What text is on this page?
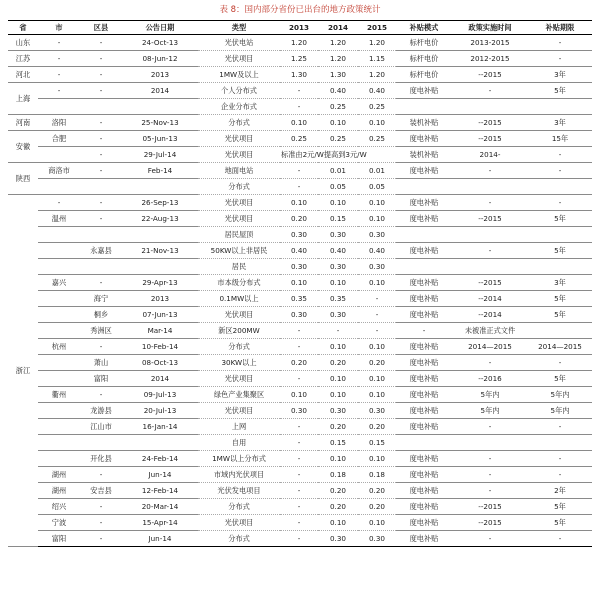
表 8：国内部分省份已出台的地方政策统计
省	市	区县	公告日期	类型	2013	2014	2015	补贴模式	政策实施时间	补贴期限
山东	-	-	24-Oct-13	光伏电站	1.20	1.20	1.20	标杆电价	2013-2015	-
江苏	-	-	08-Jun-12	光伏项目	1.25	1.20	1.15	标杆电价	2012-2015	-
河北	-	-	2013	1MW及以上	1.30	1.30	1.20	标杆电价	--2015	3年
上海	-	-	2014	个人分布式	-	0.40	0.40	度电补贴	-	5年
				企业分布式	-	0.25	0.25			
河南	洛阳	-	25-Nov-13	分布式	0.10	0.10	0.10	装机补贴	--2015	3年
安徽	合肥	-	05-Jun-13	光伏项目	0.25	0.25	0.25	度电补贴	--2015	15年
		-	29-Jul-14	光伏项目	标准由2元/W提高到3元/W			装机补贴	2014-	-
陕西	商洛市	-	Feb-14	地面电站	-	0.01	0.01	度电补贴	-	-
				分布式	-	0.05	0.05			
浙江	-	-	26-Sep-13	光伏项目	0.10	0.10	0.10	度电补贴	-	-
	温州	-	22-Aug-13	光伏项目	0.20	0.15	0.10	度电补贴	--2015	5年
				居民屋顶	0.30	0.30	0.30			
		永嘉县	21-Nov-13	50KW以上非居民	0.40	0.40	0.40	度电补贴	-	5年
				居民	0.30	0.30	0.30			
	嘉兴	-	29-Apr-13	市本级分布式	0.10	0.10	0.10	度电补贴	--2015	3年
		海宁	2013	0.1MW以上	0.35	0.35	-	度电补贴	--2014	5年
		桐乡	07-Jun-13	光伏项目	0.30	0.30	-	度电补贴	--2014	5年
		秀洲区	Mar-14	新区200MW	-	-	-	-	未被准正式文件	
	杭州	-	10-Feb-14	分布式	-	0.10	0.10	度电补贴	2014—2015	2014—2015
		萧山	08-Oct-13	30KW以上	0.20	0.20	0.20	度电补贴	-	-
		富阳	2014	光伏项目	-	0.10	0.10	度电补贴	--2016	5年
	衢州	-	09-Jul-13	绿色产业集聚区	0.10	0.10	0.10	度电补贴	5年内	5年内
		龙游县	20-Jul-13	光伏项目	0.30	0.30	0.30	度电补贴	5年内	5年内
		江山市	16-Jan-14	上网	-	0.20	0.20	度电补贴	-	-
				自用	-	0.15	0.15			
		开化县	24-Feb-14	1MW以上分布式	-	0.10	0.10	度电补贴	-	-
	湖州	-	Jun-14	市域内光伏项目	-	0.18	0.18	度电补贴	-	-
	湖州	安吉县	12-Feb-14	光伏发电项目	-	0.20	0.20	度电补贴	-	2年
	绍兴	-	20-Mar-14	分布式	-	0.20	0.20	度电补贴	--2015	5年
	宁波	-	15-Apr-14	光伏项目	-	0.10	0.10	度电补贴	--2015	5年
	富阳	-	Jun-14	分布式	-	0.30	0.30	度电补贴	-	-
